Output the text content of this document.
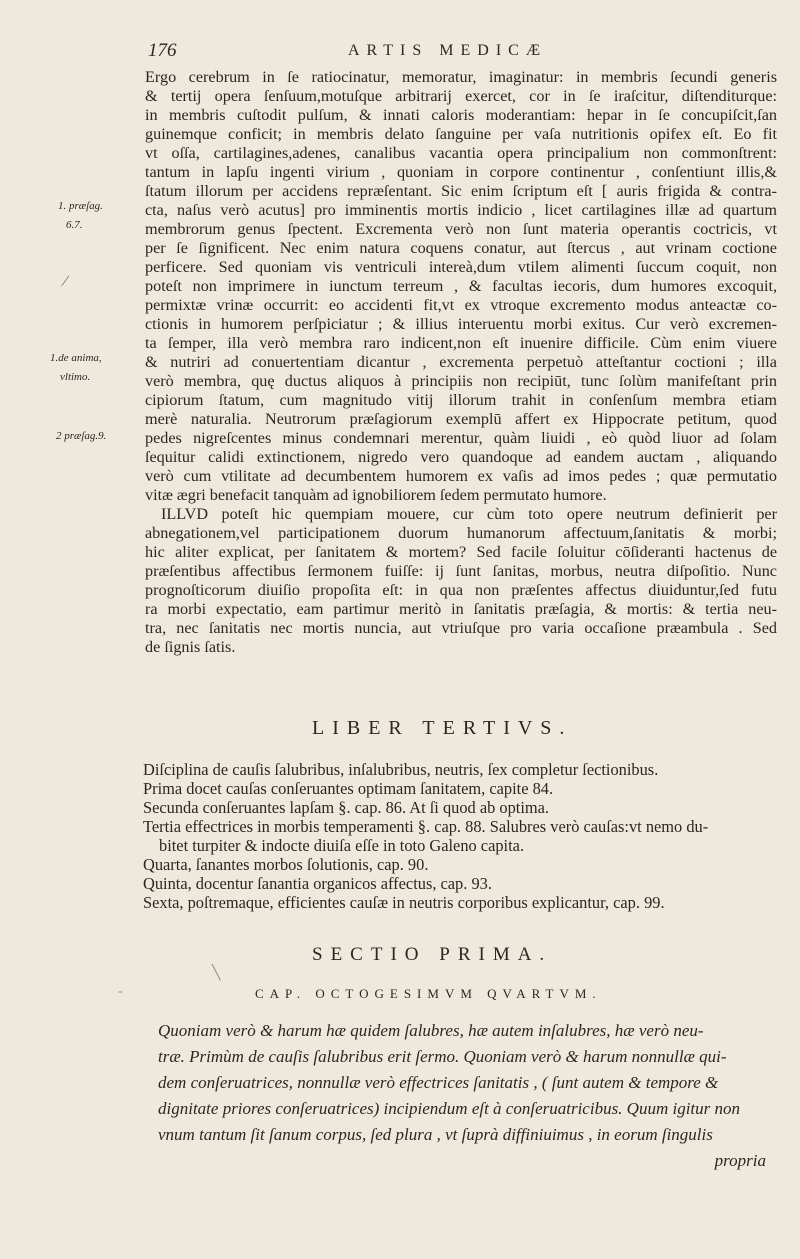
176	ARTIS MEDICÆ
1. præſag.
6.7.
⁄
1.de anima,
vltimo.
2 præſag.9.
Ergo cerebrum in ſe ratiocinatur, memoratur, imaginatur: in membris ſecundi generis
& tertij opera ſenſuum,motuſque arbitrarij exercet, cor in ſe iraſcitur, diſtenditurque:
in membris cuſtodit pulſum, & innati caloris moderantiam: hepar in ſe concupiſcit,ſan
guinemque conficit; in membris delato ſanguine per vaſa nutritionis opifex eſt. Eo fit
vt oſſa, cartilagines,adenes, canalibus vacantia opera principalium non commonſtrent:
tantum in lapſu ingenti virium , quoniam in corpore continentur , conſentiunt illis,&
ſtatum illorum per accidens repræſentant. Sic enim ſcriptum eſt [ auris frigida & contra-
cta, naſus verò acutus] pro imminentis mortis indicio , licet cartilagines illæ ad quartum
membrorum genus ſpectent. Excrementa verò non ſunt materia operantis coctricis, vt
per ſe ſignificent. Nec enim natura coquens conatur, aut ſtercus , aut vrinam coctione
perficere. Sed quoniam vis ventriculi intereà,dum vtilem alimenti ſuccum coquit, non
poteſt non imprimere in iunctum terreum , & facultas iecoris, dum humores excoquit,
permixtæ vrinæ occurrit: eo accidenti fit,vt ex vtroque excremento modus anteactæ co-
ctionis in humorem perſpiciatur ; & illius interuentu morbi exitus. Cur verò excremen-
ta ſemper, illa verò membra raro indicent,non eſt inuenire difficile. Cùm enim viuere
& nutriri ad conuertentiam dicantur , excrementa perpetuò atteſtantur coctioni ; illa
verò membra, quę ductus aliquos à principiis non recipiūt, tunc ſolùm manifeſtant prin
cipiorum ſtatum, cum magnitudo vitij illorum trahit in conſenſum membra etiam
merè naturalia. Neutrorum præſagiorum exemplū affert ex Hippocrate petitum, quod
pedes nigreſcentes minus condemnari merentur, quàm liuidi , eò quòd liuor ad ſolam
ſequitur calidi extinctionem, nigredo vero quandoque ad eandem auctam , aliquando
verò cum vtilitate ad decumbentem humorem ex vaſis ad imos pedes ; quæ permutatio
vitæ ægri benefacit tanquàm ad ignobiliorem ſedem permutato humore.
ILLVD poteſt hic quempiam mouere, cur cùm toto opere neutrum definierit per
abnegationem,vel participationem duorum humanorum affectuum,ſanitatis & morbi;
hic aliter explicat, per ſanitatem & mortem? Sed facile ſoluitur cōſideranti hactenus de
præſentibus affectibus ſermonem fuiſſe: ij ſunt ſanitas, morbus, neutra diſpoſitio. Nunc
prognoſticorum diuiſio propoſita eſt: in qua non præſentes affectus diuiduntur,ſed futu
ra morbi expectatio, eam partimur meritò in ſanitatis præſagia, & mortis: & tertia neu-
tra, nec ſanitatis nec mortis nuncia, aut vtriuſque pro varia occaſione præambula . Sed
de ſignis ſatis.
LIBER TERTIVS.
Diſciplina de cauſis ſalubribus, inſalubribus, neutris, ſex completur ſectionibus.
Prima docet cauſas conſeruantes optimam ſanitatem, capite 84.
Secunda conſeruantes lapſam §. cap. 86. At ſi quod ab optima.
Tertia effectrices in morbis temperamenti §. cap. 88. Salubres verò cauſas:vt nemo du-
bitet turpiter & indocte diuiſa eſſe in toto Galeno capita.
Quarta, ſanantes morbos ſolutionis, cap. 90.
Quinta, docentur ſanantia organicos affectus, cap. 93.
Sexta, poſtremaque, efficientes cauſæ in neutris corporibus explicantur, cap. 99.
╲
-
SECTIO PRIMA.
CAP. OCTOGESIMVM QVARTVM.
Quoniam verò & harum hæ quidem ſalubres, hæ autem inſalubres, hæ verò neu-
træ. Primùm de cauſis ſalubribus erit ſermo. Quoniam verò & harum nonnullæ qui-
dem conſeruatrices, nonnullæ verò effectrices ſanitatis , ( ſunt autem & tempore &
dignitate priores conſeruatrices) incipiendum eſt à conſeruatricibus. Quum igitur non
vnum tantum ſit ſanum corpus, ſed plura , vt ſuprà diffiniuimus , in eorum ſingulis
propria
